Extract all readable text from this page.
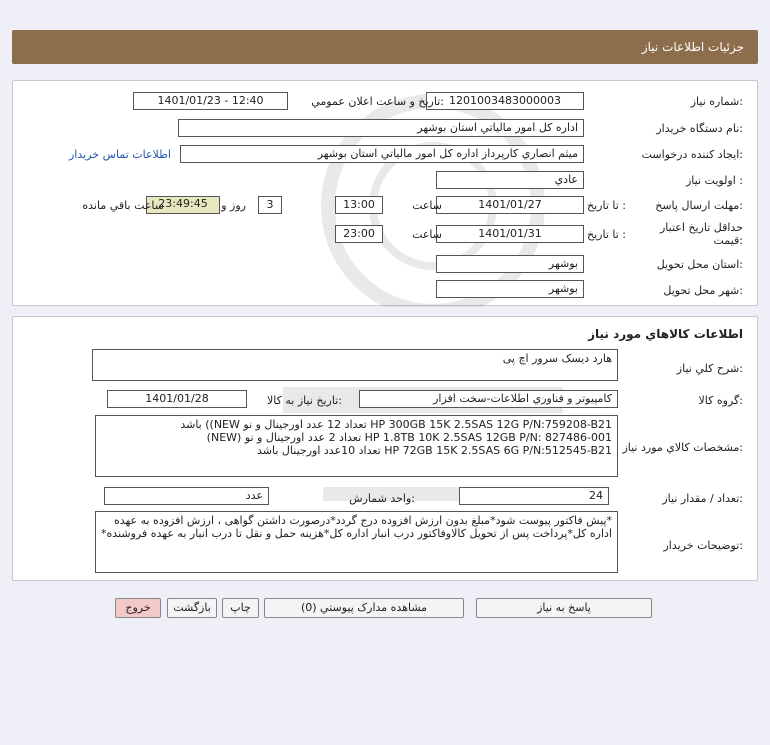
جزئيات اطلاعات نياز
شماره نياز:
1201003483000003
تاريخ و ساعت اعلان عمومي:
1401/01/23 - 12:40
نام دستگاه خريدار:
اداره کل امور مالياتي استان بوشهر
ايجاد کننده درخواست:
ميثم انصاري کارپرداز اداره کل امور مالياتي استان بوشهر
اطلاعات تماس خريدار
اولويت نياز :
عادي
مهلت ارسال پاسخ:
تا تاريخ :
1401/01/27
ساعت
13:00
3
روز و
23:49:45
ساعت باقي مانده
حداقل تاريخ اعتبار قيمت:
تا تاريخ :
1401/01/31
ساعت
23:00
استان محل تحويل:
بوشهر
شهر محل تحويل:
بوشهر
اطلاعات کالاهاي مورد نياز
شرح کلي نياز:
هارد ديسک سرور اچ پی
گروه کالا:
کامپيوتر و فناوري اطلاعات-سخت افزار
تاريخ نياز به کالا:
1401/01/28
مشخصات کالاي مورد نياز:
HP 300GB 15K 2.5SAS 12G P/N:759208-B21 تعداد 12 عدد اورجينال و نو NEW)) باشد
HP 1.8TB 10K 2.5SAS 12GB P/N: 827486-001 تعداد 2 عدد اورجينال و نو (NEW)
HP 72GB 15K 2.5SAS 6G P/N:512545-B21 تعداد 10عدد اورجينال باشد
تعداد / مقدار نياز:
24
واحد شمارش:
عدد
توضيحات خريدار:
*پيش فاکتور پيوست شود*مبلغ بدون ارزش افزوده درج گردد*درصورت داشتن گواهی ، ارزش افزوده به عهده اداره کل*پرداخت پس از تحويل کالاوفاکتور درب انبار اداره کل*هزينه حمل و نقل تا درب انبار به عهده فروشنده*
پاسخ به نياز
مشاهده مدارک پيوستي (0)
چاپ
بازگشت
خروج
